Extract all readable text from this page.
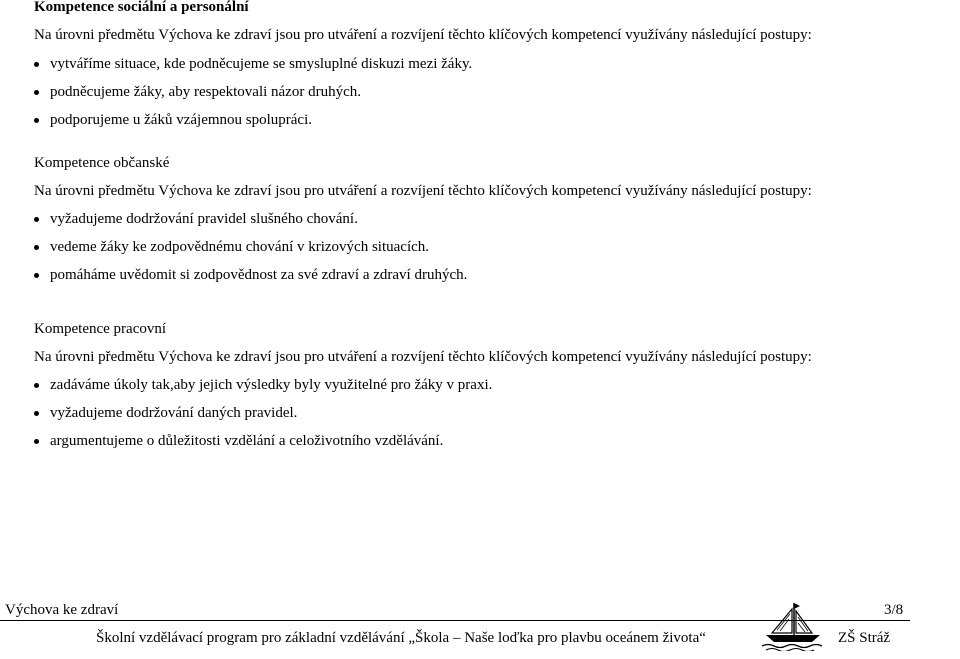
Kompetence sociální a personální
Na úrovni předmětu Výchova ke zdraví jsou pro utváření a rozvíjení těchto klíčových kompetencí využívány následující postupy:
vytváříme situace, kde podněcujeme se smysluplné diskuzi mezi žáky.
podněcujeme žáky, aby respektovali názor druhých.
podporujeme u žáků vzájemnou spolupráci.
Kompetence občanské
Na úrovni předmětu Výchova ke zdraví jsou pro utváření a rozvíjení těchto klíčových kompetencí využívány následující postupy:
vyžadujeme dodržování pravidel slušného chování.
vedeme žáky ke zodpovědnému chování v krizových situacích.
pomáháme uvědomit si zodpovědnost za své zdraví a zdraví druhých.
Kompetence pracovní
Na úrovni předmětu Výchova ke zdraví jsou pro utváření a rozvíjení těchto klíčových kompetencí využívány následující postupy:
zadáváme úkoly tak,aby jejich výsledky byly využitelné pro žáky v praxi.
vyžadujeme dodržování daných pravidel.
argumentujeme o důležitosti vzdělání a celoživotního vzdělávání.
Výchova ke zdraví	3/8
Školní vzdělávací program pro základní vzdělávání „Škola – Naše loďka pro plavbu oceánem života“	ZŠ Stráž
